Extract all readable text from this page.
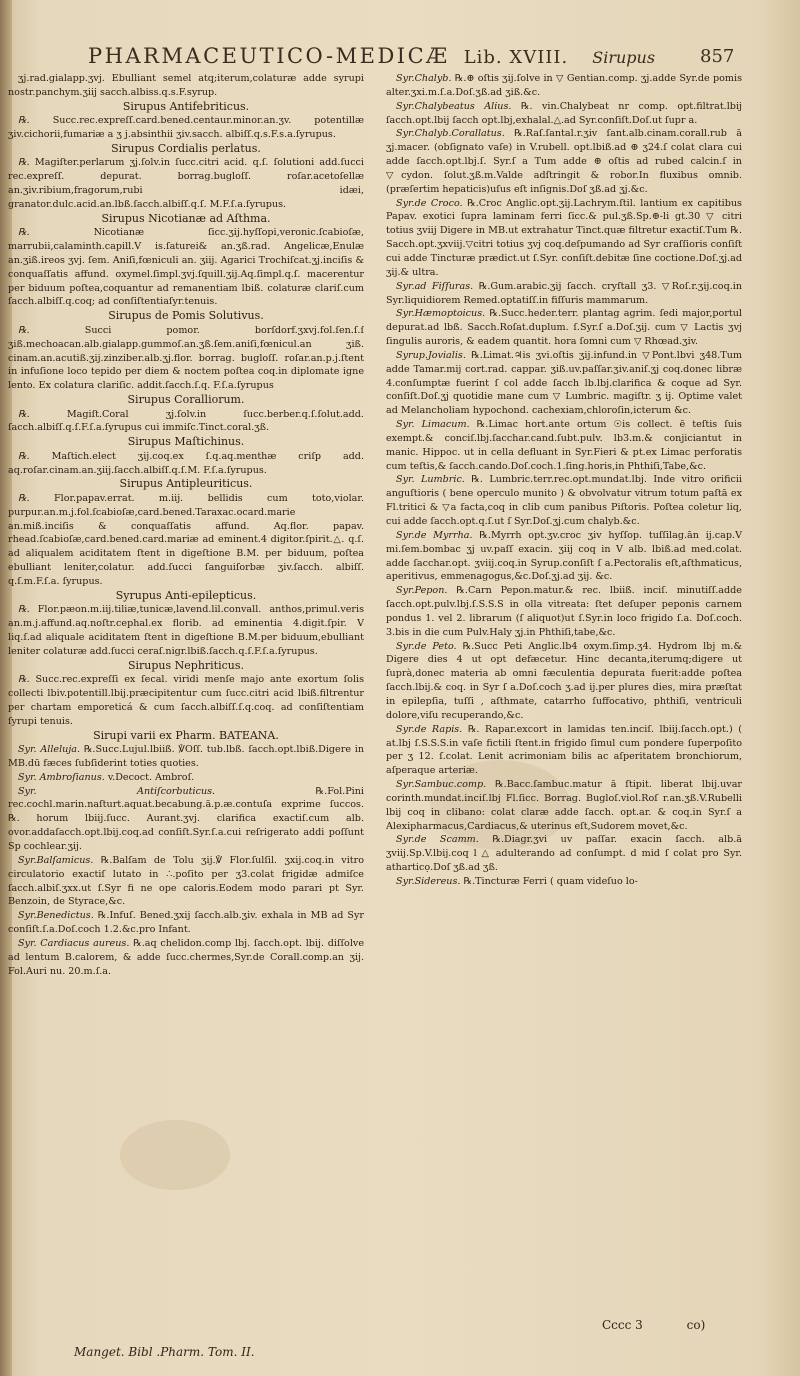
PHARMACEUTICO-MEDICÆ Lib. XVIII. Sirupus	857

ʒj.rad.gialapp.ʒvj. Ebulliant semel atq;iterum,colaturæ adde syrupi nostr.panchym.ʒiij sacch.albiss.q.s.F.syrup.

Sirupus Antifebriticus.

℞. Succ.rec.expreſſ.card.bened.centaur.minor.an.ʒv. potentillæ ʒiv.cichorii,fumariæ a ʒ j.absinthii ʒiv.sacch. albiſſ.q.s.F.s.a.ſyrupus.

Sirupus Cordialis perlatus.

℞. Magiſter.perlarum ʒj.ſolv.in ſucc.citri acid. q.ſ. ſolutioni add.ſucci rec.expreſſ. depurat. borrag.bugloſſ. roſar.acetoſellæ an.ʒiv.ribium,fragorum,rubi idæi, granator.dulc.acid.an.lbß.ſacch.albiſſ.q.ſ. M.F.ſ.a.ſyrupus.

Sirupus Nicotianæ ad Aſthma.

℞. Nicotianæ ſicc.ʒij.hyſſopi,veronic.ſcabioſæ, marrubii,calaminth.capill.V is.ſaturei& an.ʒß.rad. Angelicæ,Enulæ an.ʒiß.ireos ʒvj. ſem. Aniſi,fœniculi an. ʒiij. Agarici Trochiſcat.ʒj.inciſis & conquaſſatis affund. oxymel.ſimpl.ʒvj.ſquill.ʒij.Aq.ſimpl.q.ſ. macerentur per biduum poſtea,coquantur ad remanentiam lbiß. colaturæ clariſ.cum ſacch.albiſſ.q.coq; ad conſiſtentiaſyr.tenuis.

Sirupus de Pomis Solutivus.

℞. Succi pomor. borſdorf.ʒxvj.fol.ſen.ſ.ſ ʒiß.mechoacan.alb.gialapp.gummoſ.an.ʒß.ſem.aniſi,fœnicul.an ʒiß. cinam.an.acutiß.ʒij.zinziber.alb.ʒj.flor. borrag. bugloſſ. roſar.an.p.j.ſtent in infuſione loco tepido per diem & noctem poſtea coq.in diplomate igne lento. Ex colatura clariſic. addit.ſacch.ſ.q. F.ſ.a.ſyrupus

Sirupus Coralliorum.

℞. Magiſt.Coral ʒj.ſolv.in ſucc.berber.q.ſ.ſolut.add. ſacch.albiſſ.q.ſ.F.ſ.a.ſyrupus cui immiſc.Tinct.coral.ʒß.

Sirupus Maſtichinus.

℞. Maſtich.elect ʒij.coq.ex ſ.q.aq.menthæ criſp add. aq.roſar.cinam.an.ʒiij.ſacch.albiſſ.q.ſ.M. F.ſ.a.ſyrupus.

Sirupus Antipleuriticus.

℞. Flor.papav.errat. m.iij. bellidis cum toto,violar. purpur.an.m.j.fol.ſcabioſæ,card.bened.Taraxac.ocard.marie an.miß.inciſis & conquaſſatis affund. Aq.flor. papav. rhead.ſcabioſæ,card.bened.card.mariæ ad eminent.4 digitor.ſpirit.△. q.ſ. ad aliqualem aciditatem ſtent in digeſtione B.M. per biduum, poſtea ebulliant leniter,colatur. add.ſucci ſanguiſorbæ ʒiv.ſacch. albiſſ. q.ſ.m.F.ſ.a. ſyrupus.

Syrupus Anti-epilepticus.

℞. Flor.pæon.m.iij.tiliæ,tunicæ,lavend.lil.convall. anthos,primul.veris an.m.j.affund.aq.noſtr.cephal.ex florib. ad eminentia 4.digit.ſpir. V liq.ſ.ad aliquale aciditatem ſtent in digeſtione B.M.per biduum,ebulliant leniter colaturæ add.ſucci ceraſ.nigr.lbiß.ſacch.q.ſ.F.ſ.a.ſyrupus.

Sirupus Nephriticus.

℞. Succ.rec.expreſſi ex ſecal. viridi menſe majo ante exortum ſolis collecti lbiv.potentill.lbij.præcipitentur cum ſucc.citri acid lbiß.filtrentur per chartam emporeticá & cum ſacch.albiſſ.ſ.q.coq. ad conſiſtentiam ſyrupi tenuis.

Sirupi varii ex Pharm. BATEANA.

Syr. Alleluja. ℞.Succ.Lujul.lbiiß. ℣Oſſ. tub.lbß. ſacch.opt.lbiß.Digere in MB.dū fæces ſubſiderint toties quoties.

Syr. Ambroſianus. v.Decoct. Ambroſ.

Syr. Antiſcorbuticus. ℞.Fol.Pini rec.cochl.marin.naſturt.aquat.becabung.ā.p.æ.contuſa exprime ſuccos. ℞. horum lbiij.ſucc. Aurant.ʒvj. clarifica exactiſ.cum alb. ovor.addaſacch.opt.lbij.coq.ad conſiſt.Syr.ſ.a.cui reſrigerato addi poſſunt Sp cochlear.ʒij.

Syr.Balſamicus. ℞.Balſam de Tolu ʒij.℣ Flor.ſulſil. ʒxij.coq.in vitro circulatorio exactiſ lutato in ∴.poſito per ʒ3.colat frigidæ admiſce ſacch.albiſ.ʒxx.ut ſ.Syr fi ne ope caloris.Eodem modo parari pt Syr. Benzoin, de Styrace,&c.

Syr.Benedictus. ℞.Infuſ. Bened.ʒxij ſacch.alb.ʒiv. exhala in MB ad Syr conſiſt.ſ.a.Doſ.coch 1.2.&c.pro Infant.

Syr. Cardiacus aureus. ℞.aq chelidon.comp lbj. ſacch.opt. lbij. diſſolve ad lentum B.calorem, & adde ſucc.chermes,Syr.de Corall.comp.an ʒij. Fol.Auri nu. 20.m.ſ.a.

Syr.Chalyb. ℞.⊕ oſtis ʒij.ſolve in ▽ Gentian.comp. ʒj.adde Syr.de pomis alter.ʒxi.m.ſ.a.Doſ.ʒß.ad ʒiß.&c.

Syr.Chalybeatus Alius. ℞. vin.Chalybeat nr comp. opt.filtrat.lbij ſacch.opt.lbij ſacch opt.lbj,exhalal.△.ad Syr.conſiſt.Doſ.ut ſupr a.

Syr.Chalyb.Corallatus. ℞.Raſ.ſantal.r.ʒiv ſant.alb.cinam.corall.rub ā ʒj.macer. (obſignato vaſe) in V.rubell. opt.lbiß.ad ⊕ ʒ24.ſ colat clara cui adde ſacch.opt.lbj.ſ. Syr.ſ a Tum adde ⊕ oſtis ad rubed calcin.ſ in ▽cydon. ſolut.ʒß.m.Valde adſtringit & robor.In fluxibus omnib. (præſertim hepaticis)uſus eſt inſignis.Doſ ʒß.ad ʒj.&c.

Syr.de Croco. ℞.Croc Anglic.opt.ʒij.Lachrym.ſtil. lantium ex capitibus Papav. exotici ſupra laminam ferri ſicc.& pul.ʒß.Sp.⊕-li gt.30 ▽ citri totius ʒviij Digere in MB.ut extrahatur Tinct.quæ filtretur exactiſ.Tum ℞. Sacch.opt.ʒxviij.▽citri totius ʒvj coq.deſpumando ad Syr craſſioris conſiſt cui adde Tincturæ prædict.ut ſ.Syr. conſiſt.debitæ ſine coctione.Doſ.ʒj.ad ʒij.& ultra.

Syr.ad Fiſſuras. ℞.Gum.arabic.ʒij ſacch. cryſtall ʒ3. ▽Roſ.r.ʒij.coq.in Syr.liquidiorem Remed.optatiſſ.in fiſſuris mammarum.

Syr.Hæmoptoicus. ℞.Succ.heder.terr. plantag agrim. ſedi major,portul depurat.ad lbß. Sacch.Roſat.duplum. ſ.Syr.ſ a.Doſ.ʒij. cum ▽ Lactis ʒvj ſingulis auroris, & eadem quantit. hora ſomni cum ▽ Rhœad.ʒiv.

Syrup.Jovialis. ℞.Limat.♃is ʒvi.oſtis ʒij.infund.in ▽Pont.lbvi ʒ48.Tum adde Tamar.mij cort.rad. cappar. ʒiß.uv.paſſar.ʒiv.aniſ.ʒj coq.donec libræ 4.conſumptæ fuerint ſ col adde ſacch lb.lbj.clarifica & coque ad Syr. conſiſt.Doſ.ʒj quotidie mane cum ▽ Lumbric. magiſtr. ʒ ij. Optime valet ad Melancholiam hypochond. cachexiam,chloroſin,icterum &c.

Syr. Limacum. ℞.Limac hort.ante ortum ☉is collect. ē teſtis ſuis exempt.& conciſ.lbj.ſacchar.cand.ſubt.pulv. lb3.m.& conjiciantut in manic. Hippoc. ut in cella defluant in Syr.Fieri & pt.ex Limac perforatis cum teſtis,& ſacch.cando.Doſ.coch.1.ſing.horis,in Phthiſi,Tabe,&c.

Syr. Lumbric. ℞. Lumbric.terr.rec.opt.mundat.lbj. Inde vitro orificii anguſtioris ( bene operculo munito ) & obvolvatur vitrum totum paſtā ex Fl.tritici & ▽a facta,coq in clib cum panibus Piſtoris. Poſtea coletur liq, cui adde ſacch.opt.q.ſ.ut ſ Syr.Doſ.ʒj.cum chalyb.&c.

Syr.de Myrrha. ℞.Myrrh opt.ʒv.croc ʒiv hyſſop. tuſſilag.ān ij.cap.V mi.ſem.bombac ʒj uv.paſſ exacin. ʒiij coq in V alb. lbiß.ad med.colat. adde ſacchar.opt. ʒviij.coq.in Syrup.conſiſt ſ a.Pectoralis eſt,aſthmaticus, aperitivus, emmenagogus,&c.Doſ.ʒj.ad ʒij. &c.

Syr.Pepon. ℞.Carn Pepon.matur.& rec. lbiiß. inciſ. minutiſſ.adde ſacch.opt.pulv.lbj.ſ.S.S.S in olla vitreata: ſtet deſuper peponis carnem pondus 1. vel 2. librarum (ſ aliquot)ut ſ.Syr.in loco frigido ſ.a. Doſ.coch. 3.bis in die cum Pulv.Haly ʒj.in Phthiſi,tabe,&c.

Syr.de Peto. ℞.Succ Peti Anglic.lb4 oxym.ſimp.ʒ4. Hydrom lbj m.& Digere dies 4 ut opt defæcetur. Hinc decanta,iterumq;digere ut ſuprà,donec materia ab omni fæculentia depurata fuerit:adde poſtea ſacch.lbij.& coq. in Syr ſ a.Doſ.coch ʒ.ad ij.per plures dies, mira præſtat in epilepſia, tuſſi , aſthmate, catarrho ſuffocativo, phthiſi, ventriculi dolore,viſu recuperando,&c.

Syr.de Rapis. ℞. Rapar.excort in lamidas ten.inciſ. lbiij.ſacch.opt.) ( at.lbj ſ.S.S.S.in vaſe fictili ſtent.in frigido ſimul cum pondere ſuperpoſito per ʒ 12. ſ.colat. Lenit acrimoniam bilis ac aſperitatem bronchiorum, aſperaque arteriæ.

Syr.Sambuc.comp. ℞.Bacc.ſambuc.matur ā ſtipit. liberat lbij.uvar corinth.mundat.inciſ.lbj Fl.ſicc. Borrag. Bugloſ.viol.Roſ r.an.ʒß.V.Rubelli lbij coq in clibano: colat claræ adde ſacch. opt.ar. & coq.in Syr.ſ a Alexipharmacus,Cardiacus,& uterinus eſt,Sudorem movet,&c.

Syr.de Scamm. ℞.Diagr.ʒvi uv paſſar. exacin ſacch. alb.ā ʒviij.Sp.V.lbij.coq l △ adulterando ad conſumpt. d mid ſ colat pro Syr. atharticọ.Doſ ʒß.ad ʒß.

Syr.Sidereus. ℞.Tincturæ Ferri ( quam videſuo lo-

Manget. Bibl .Pharm. Tom. II.
Cccc 3	co)
